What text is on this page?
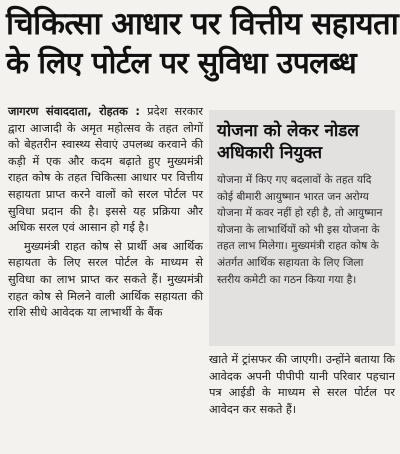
चिकित्सा आधार पर वित्तीय सहायता
के लिए पोर्टल पर सुविधा उपलब्ध

जागरण संवाददाता, रोहतक : प्रदेश सरकार द्वारा आजादी के अमृत महोत्सव के तहत लोगों को बेहतरीन स्वास्थ्य सेवाएं उपलब्ध करवाने की कड़ी में एक और कदम बढ़ाते हुए मुख्यमंत्री राहत कोष के तहत चिकित्सा आधार पर वित्तीय सहायता प्राप्त करने वालों को सरल पोर्टल पर सुविधा प्रदान की है। इससे यह प्रक्रिया और अधिक सरल एवं आसान हो गई है।

मुख्यमंत्री राहत कोष से प्रार्थी अब आर्थिक सहायता के लिए सरल पोर्टल के माध्यम से सुविधा का लाभ प्राप्त कर सकते हैं। मुख्यमंत्री राहत कोष से मिलने वाली आर्थिक सहायता की राशि सीधे आवेदक या लाभार्थी के बैंक

योजना को लेकर नोडल अधिकारी नियुक्त

योजना में किए गए बदलावों के तहत यदि कोई बीमारी आयुष्मान भारत जन अरोग्य योजना में कवर नहीं हो रही है, तो आयुष्मान योजना के लाभार्थियों को भी इस योजना के तहत लाभ मिलेगा। मुख्यमंत्री राहत कोष के अंतर्गत आर्थिक सहायता के लिए जिला स्तरीय कमेटी का गठन किया गया है।

खाते में ट्रांसफर की जाएगी। उन्होंने बताया कि आवेदक अपनी पीपीपी यानी परिवार पहचान पत्र आईडी के माध्यम से सरल पोर्टल पर आवेदन कर सकते हैं।
